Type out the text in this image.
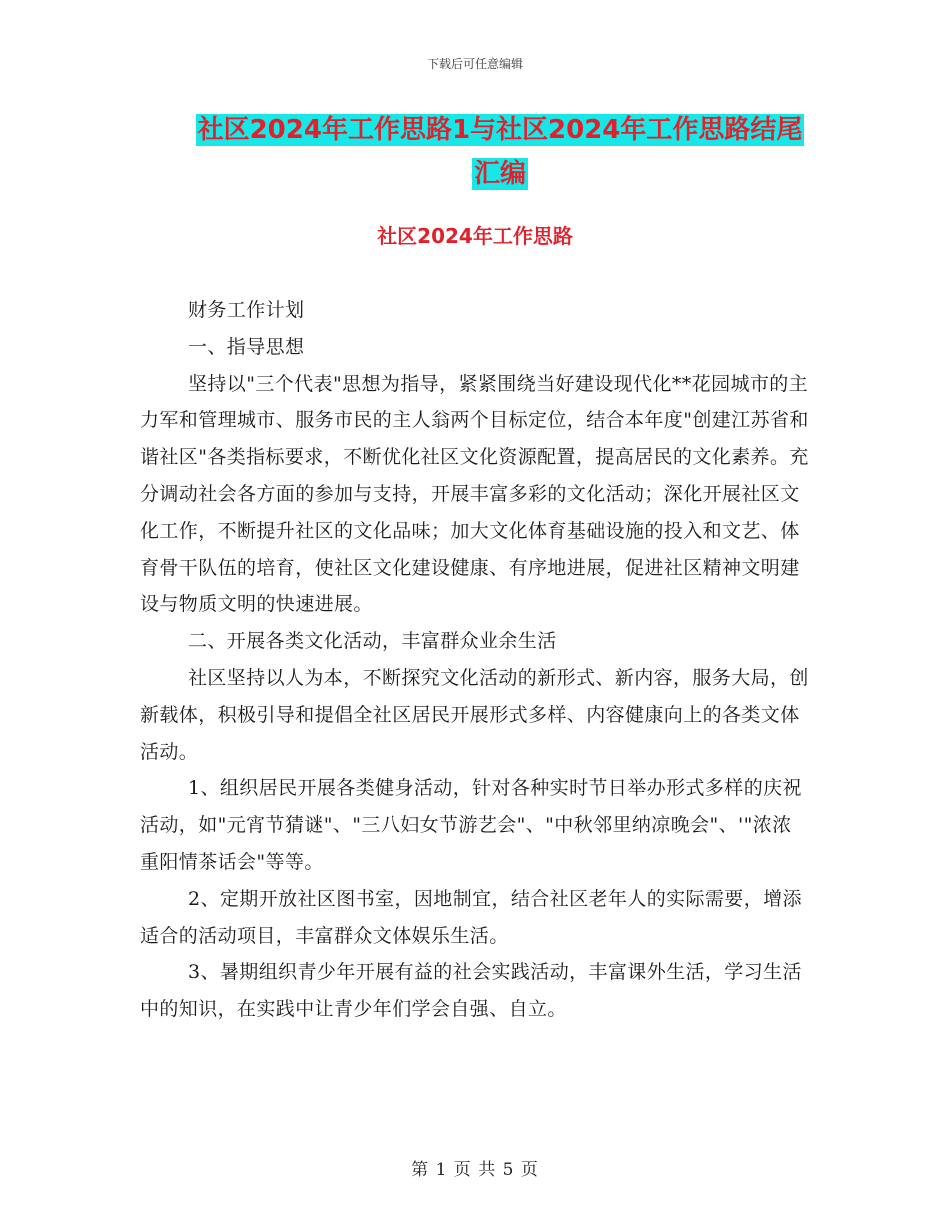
下载后可任意编辑
社区2024年工作思路1与社区2024年工作思路结尾汇编
社区2024年工作思路

财务工作计划

一、指导思想

坚持以"三个代表"思想为指导，紧紧围绕当好建设现代化**花园城市的主力军和管理城市、服务市民的主人翁两个目标定位，结合本年度"创建江苏省和谐社区"各类指标要求，不断优化社区文化资源配置，提高居民的文化素养。充分调动社会各方面的参加与支持，开展丰富多彩的文化活动；深化开展社区文化工作，不断提升社区的文化品味；加大文化体育基础设施的投入和文艺、体育骨干队伍的培育，使社区文化建设健康、有序地进展，促进社区精神文明建设与物质文明的快速进展。

二、开展各类文化活动，丰富群众业余生活

社区坚持以人为本，不断探究文化活动的新形式、新内容，服务大局，创新载体，积极引导和提倡全社区居民开展形式多样、内容健康向上的各类文体活动。

1、组织居民开展各类健身活动，针对各种实时节日举办形式多样的庆祝活动，如"元宵节猜谜"、"三八妇女节游艺会"、"中秋邻里纳凉晚会"、'"浓浓重阳情茶话会"等等。

2、定期开放社区图书室，因地制宜，结合社区老年人的实际需要，增添适合的活动项目，丰富群众文体娱乐生活。

3、暑期组织青少年开展有益的社会实践活动，丰富课外生活，学习生活中的知识，在实践中让青少年们学会自强、自立。

第 1 页 共 5 页
